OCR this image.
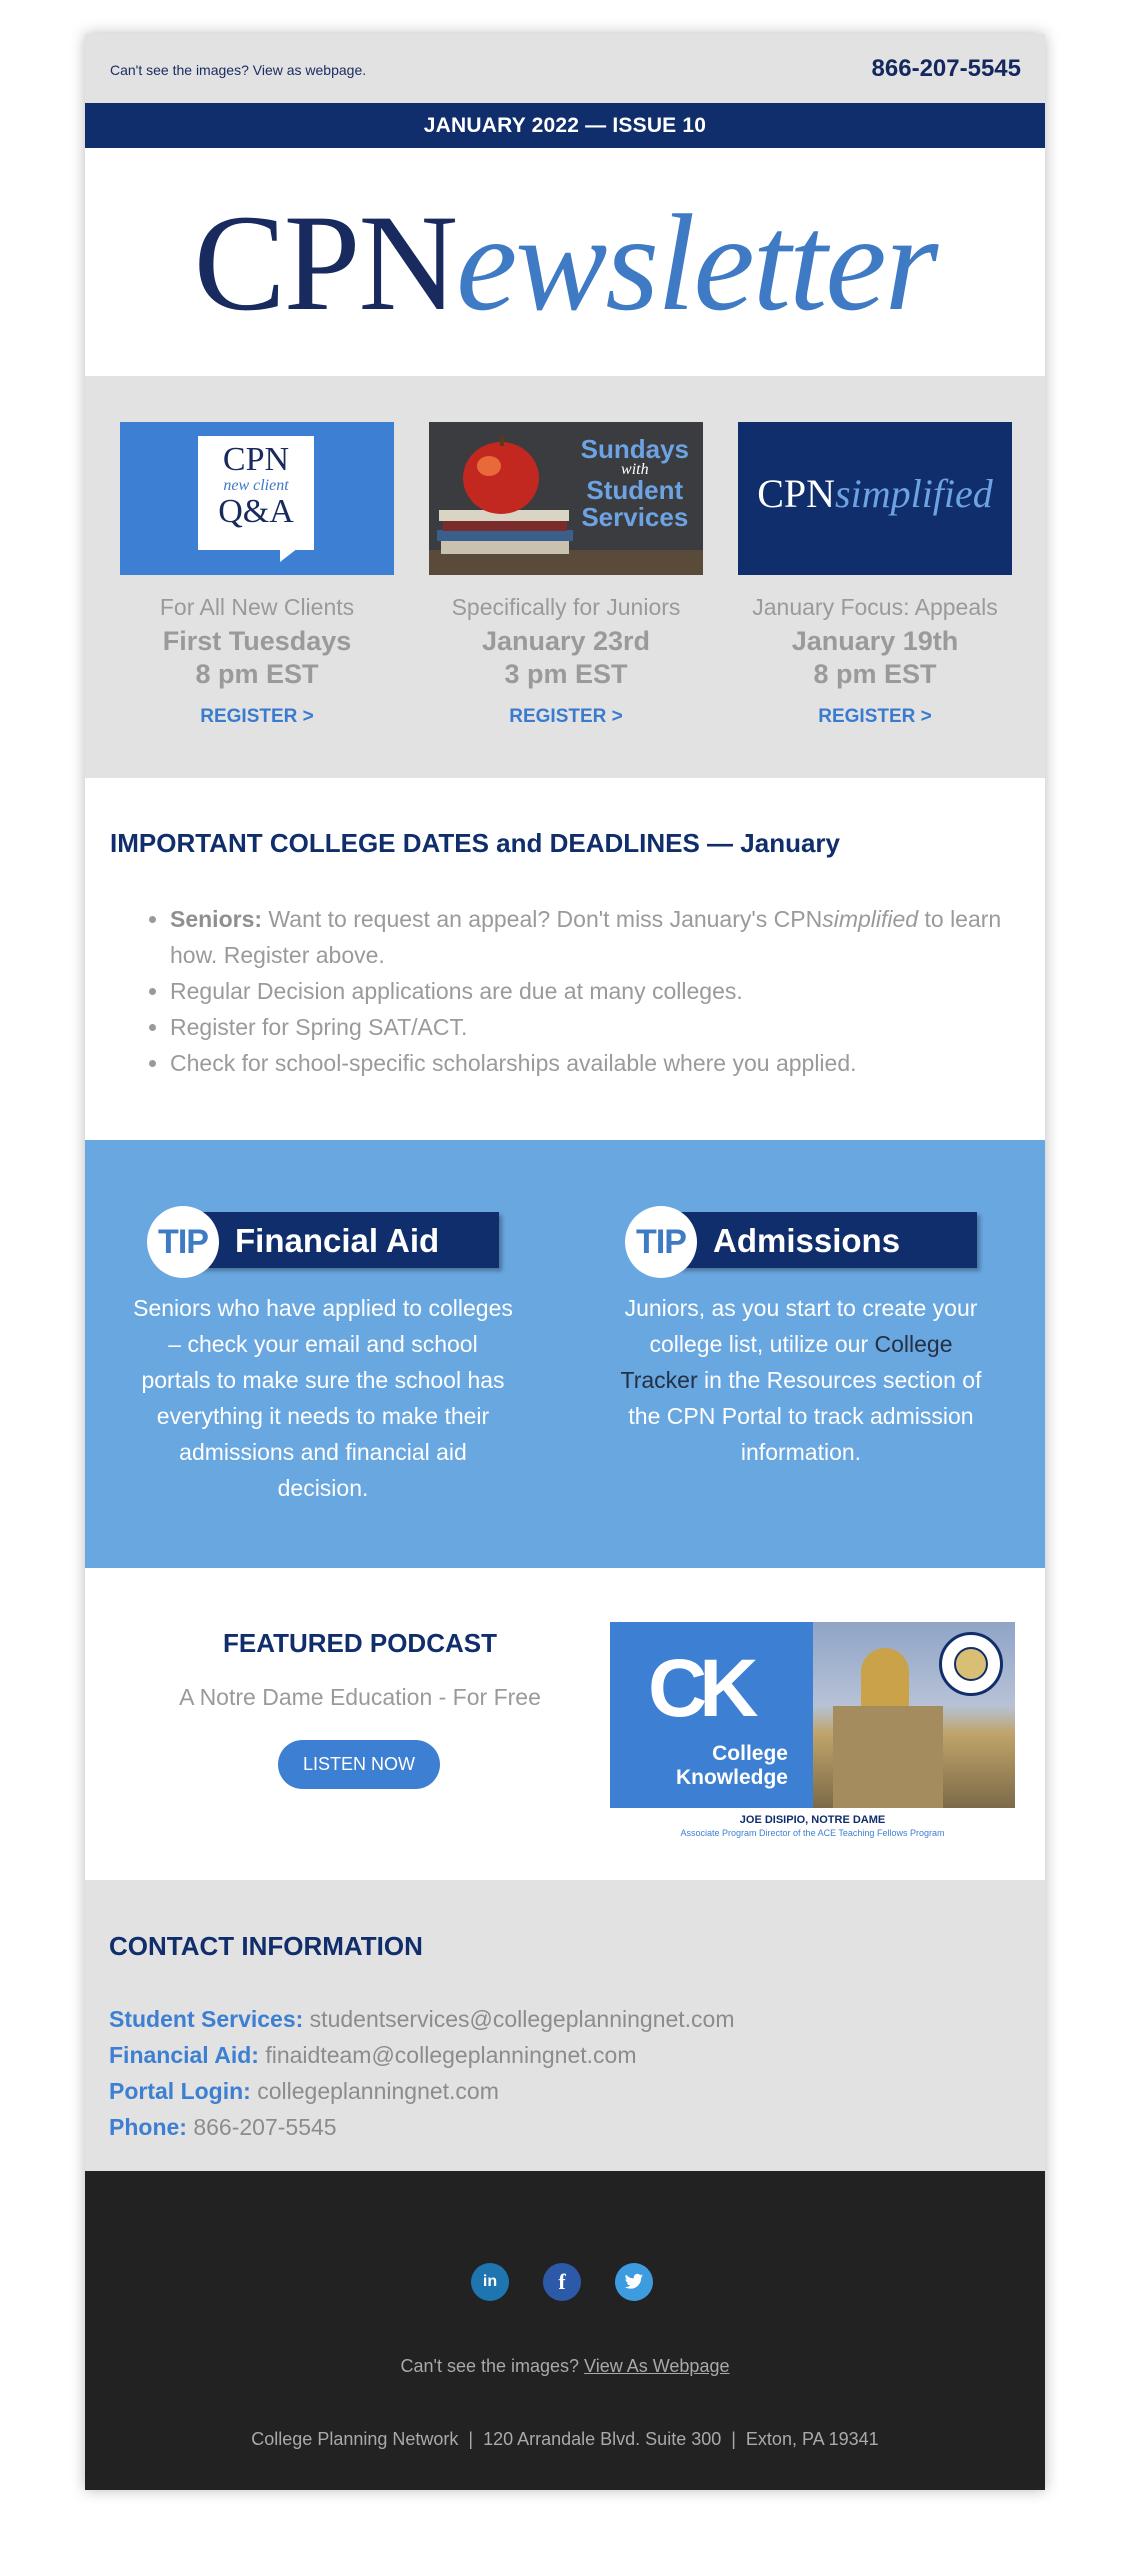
Can't see the images? View as webpage.	866-207-5545
JANUARY 2022 — ISSUE 10
CPNewsletter
CPN
new client
Q&A
For All New Clients
First Tuesdays
8 pm EST
REGISTER >
Sundays
with
Student
Services
Specifically for Juniors
January 23rd
3 pm EST
REGISTER >
CPNsimplified
January Focus: Appeals
January 19th
8 pm EST
REGISTER >
IMPORTANT COLLEGE DATES and DEADLINES — January
• Seniors: Want to request an appeal? Don't miss January's CPNsimplified to learn how. Register above.
• Regular Decision applications are due at many colleges.
• Register for Spring SAT/ACT.
• Check for school-specific scholarships available where you applied.
TIP Financial Aid
Seniors who have applied to colleges – check your email and school portals to make sure the school has everything it needs to make their admissions and financial aid decision.
TIP Admissions
Juniors, as you start to create your college list, utilize our College Tracker in the Resources section of the CPN Portal to track admission information.
FEATURED PODCAST
A Notre Dame Education - For Free
LISTEN NOW
CK
College
Knowledge
JOE DISIPIO, NOTRE DAME
Associate Program Director of the ACE Teaching Fellows Program
CONTACT INFORMATION
Student Services: studentservices@collegeplanningnet.com
Financial Aid: finaidteam@collegeplanningnet.com
Portal Login: collegeplanningnet.com
Phone: 866-207-5545
in	f
Can't see the images? View As Webpage
College Planning Network  |  120 Arrandale Blvd. Suite 300  |  Exton, PA 19341
